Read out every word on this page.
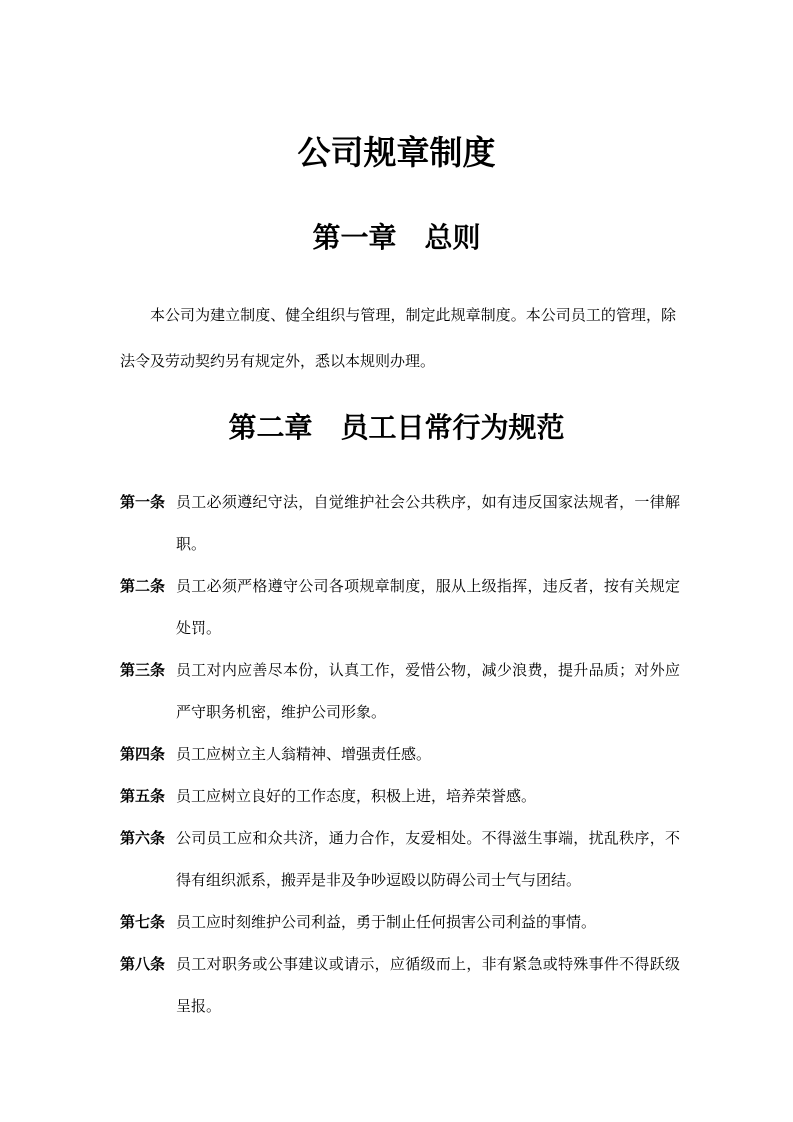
公司规章制度
第一章　总则

本公司为建立制度、健全组织与管理，制定此规章制度。本公司员工的管理，除法令及劳动契约另有规定外，悉以本规则办理。

第二章　员工日常行为规范
第一条 员工必须遵纪守法，自觉维护社会公共秩序，如有违反国家法规者，一律解职。
第二条 员工必须严格遵守公司各项规章制度，服从上级指挥，违反者，按有关规定处罚。
第三条 员工对内应善尽本份，认真工作，爱惜公物，减少浪费，提升品质；对外应严守职务机密，维护公司形象。
第四条 员工应树立主人翁精神、增强责任感。
第五条 员工应树立良好的工作态度，积极上进，培养荣誉感。
第六条 公司员工应和众共济，通力合作，友爱相处。不得滋生事端，扰乱秩序，不得有组织派系，搬弄是非及争吵逗殴以防碍公司士气与团结。
第七条 员工应时刻维护公司利益，勇于制止任何损害公司利益的事情。
第八条 员工对职务或公事建议或请示，应循级而上，非有紧急或特殊事件不得跃级呈报。
